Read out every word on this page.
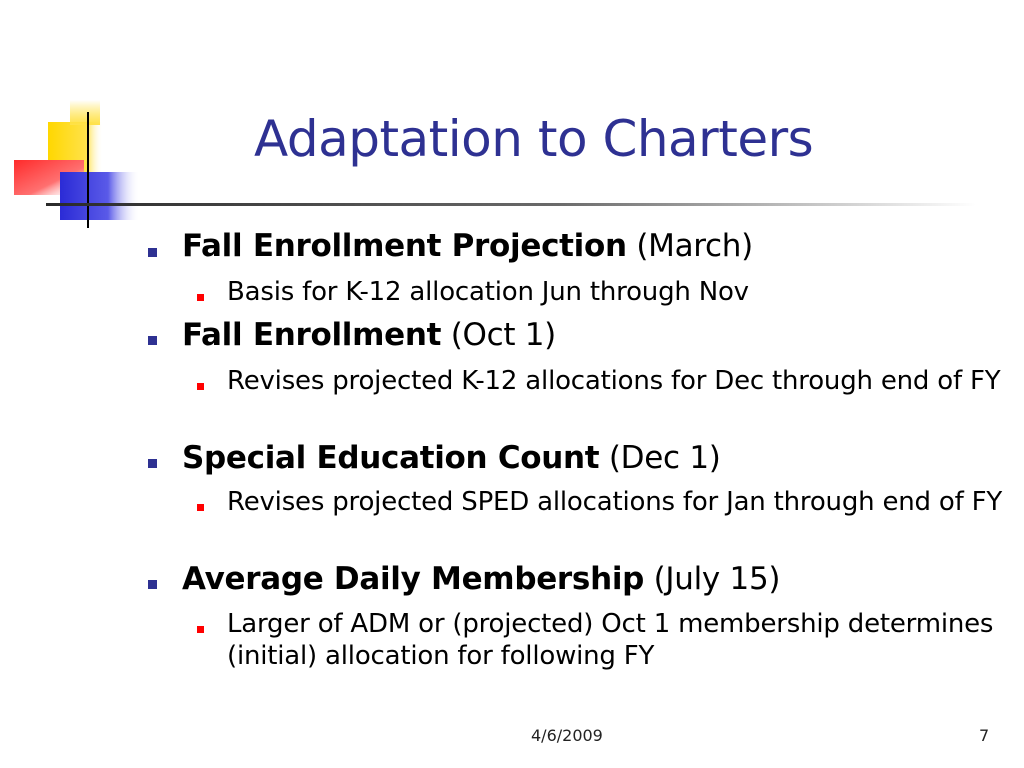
Adaptation to Charters
Fall Enrollment Projection (March)
Basis for K-12 allocation Jun through Nov
Fall Enrollment (Oct 1)
Revises projected K-12 allocations for Dec through end of FY
Special Education Count (Dec 1)
Revises projected SPED allocations for Jan through end of FY
Average Daily Membership (July 15)
Larger of ADM or (projected) Oct 1 membership determines (initial) allocation for following FY
4/6/2009	7
